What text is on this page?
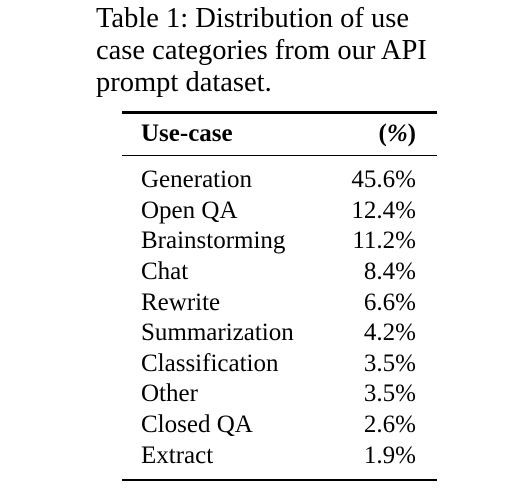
Table 1: Distribution of use
case categories from our API
prompt dataset.
Use-case	(%)
Generation	45.6%
Open QA	12.4%
Brainstorming	11.2%
Chat	8.4%
Rewrite	6.6%
Summarization	4.2%
Classification	3.5%
Other	3.5%
Closed QA	2.6%
Extract	1.9%
